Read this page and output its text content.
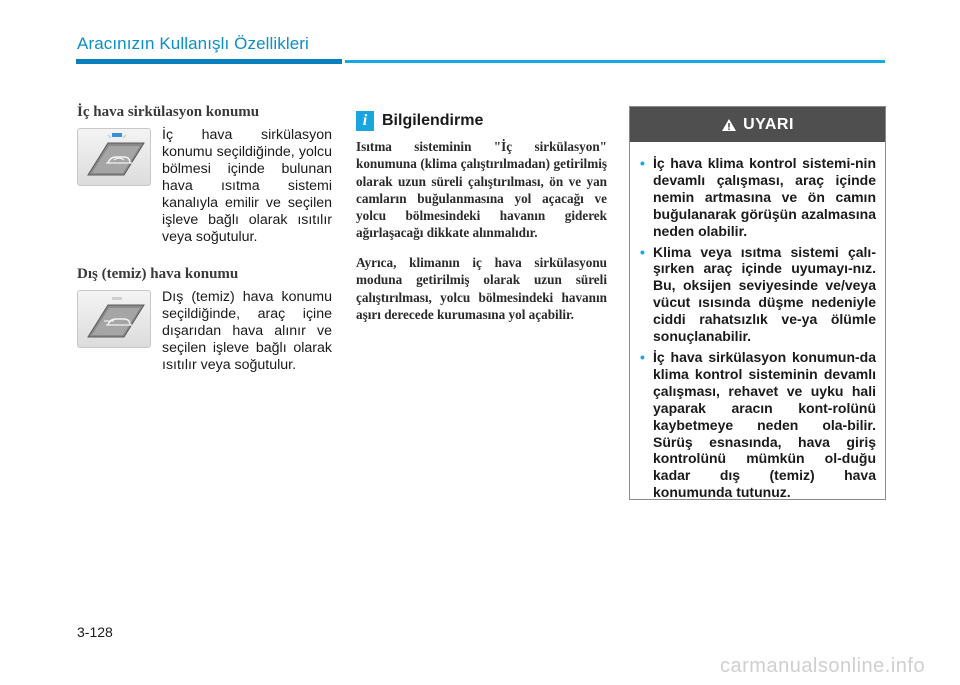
Aracınızın Kullanışlı Özellikleri
İç hava sirkülasyon konumu
İç hava sirkülasyon konumu seçildiğinde, yolcu bölmesi içinde bulunan hava ısıtma sistemi kanalıyla emilir ve seçilen işleve bağlı olarak ısıtılır veya soğutulur.
Dış (temiz) hava konumu
Dış (temiz) hava konumu seçildiğinde, araç içine dışarıdan hava alınır ve seçilen işleve bağlı olarak ısıtılır veya soğutulur.
i Bilgilendirme
Isıtma sisteminin "İç sirkülasyon" konumuna (klima çalıştırılmadan) getirilmiş olarak uzun süreli çalıştırılması, ön ve yan camların buğulanmasına yol açacağı ve yolcu bölmesindeki havanın giderek ağırlaşacağı dikkate alınmalıdır.
Ayrıca, klimanın iç hava sirkülasyonu moduna getirilmiş olarak uzun süreli çalıştırılması, yolcu bölmesindeki havanın aşırı derecede kurumasına yol açabilir.
UYARI
• İç hava klima kontrol sistemi-nin devamlı çalışması, araç içinde nemin artmasına ve ön camın buğulanarak görüşün azalmasına neden olabilir.
• Klima veya ısıtma sistemi çalı-şırken araç içinde uyumayı-nız. Bu, oksijen seviyesinde ve/veya vücut ısısında düşme nedeniyle ciddi rahatsızlık ve-ya ölümle sonuçlanabilir.
• İç hava sirkülasyon konumun-da klima kontrol sisteminin devamlı çalışması, rehavet ve uyku hali yaparak aracın kont-rolünü kaybetmeye neden ola-bilir. Sürüş esnasında, hava giriş kontrolünü mümkün ol-duğu kadar dış (temiz) hava konumunda tutunuz.
3-128
carmanualsonline.info
